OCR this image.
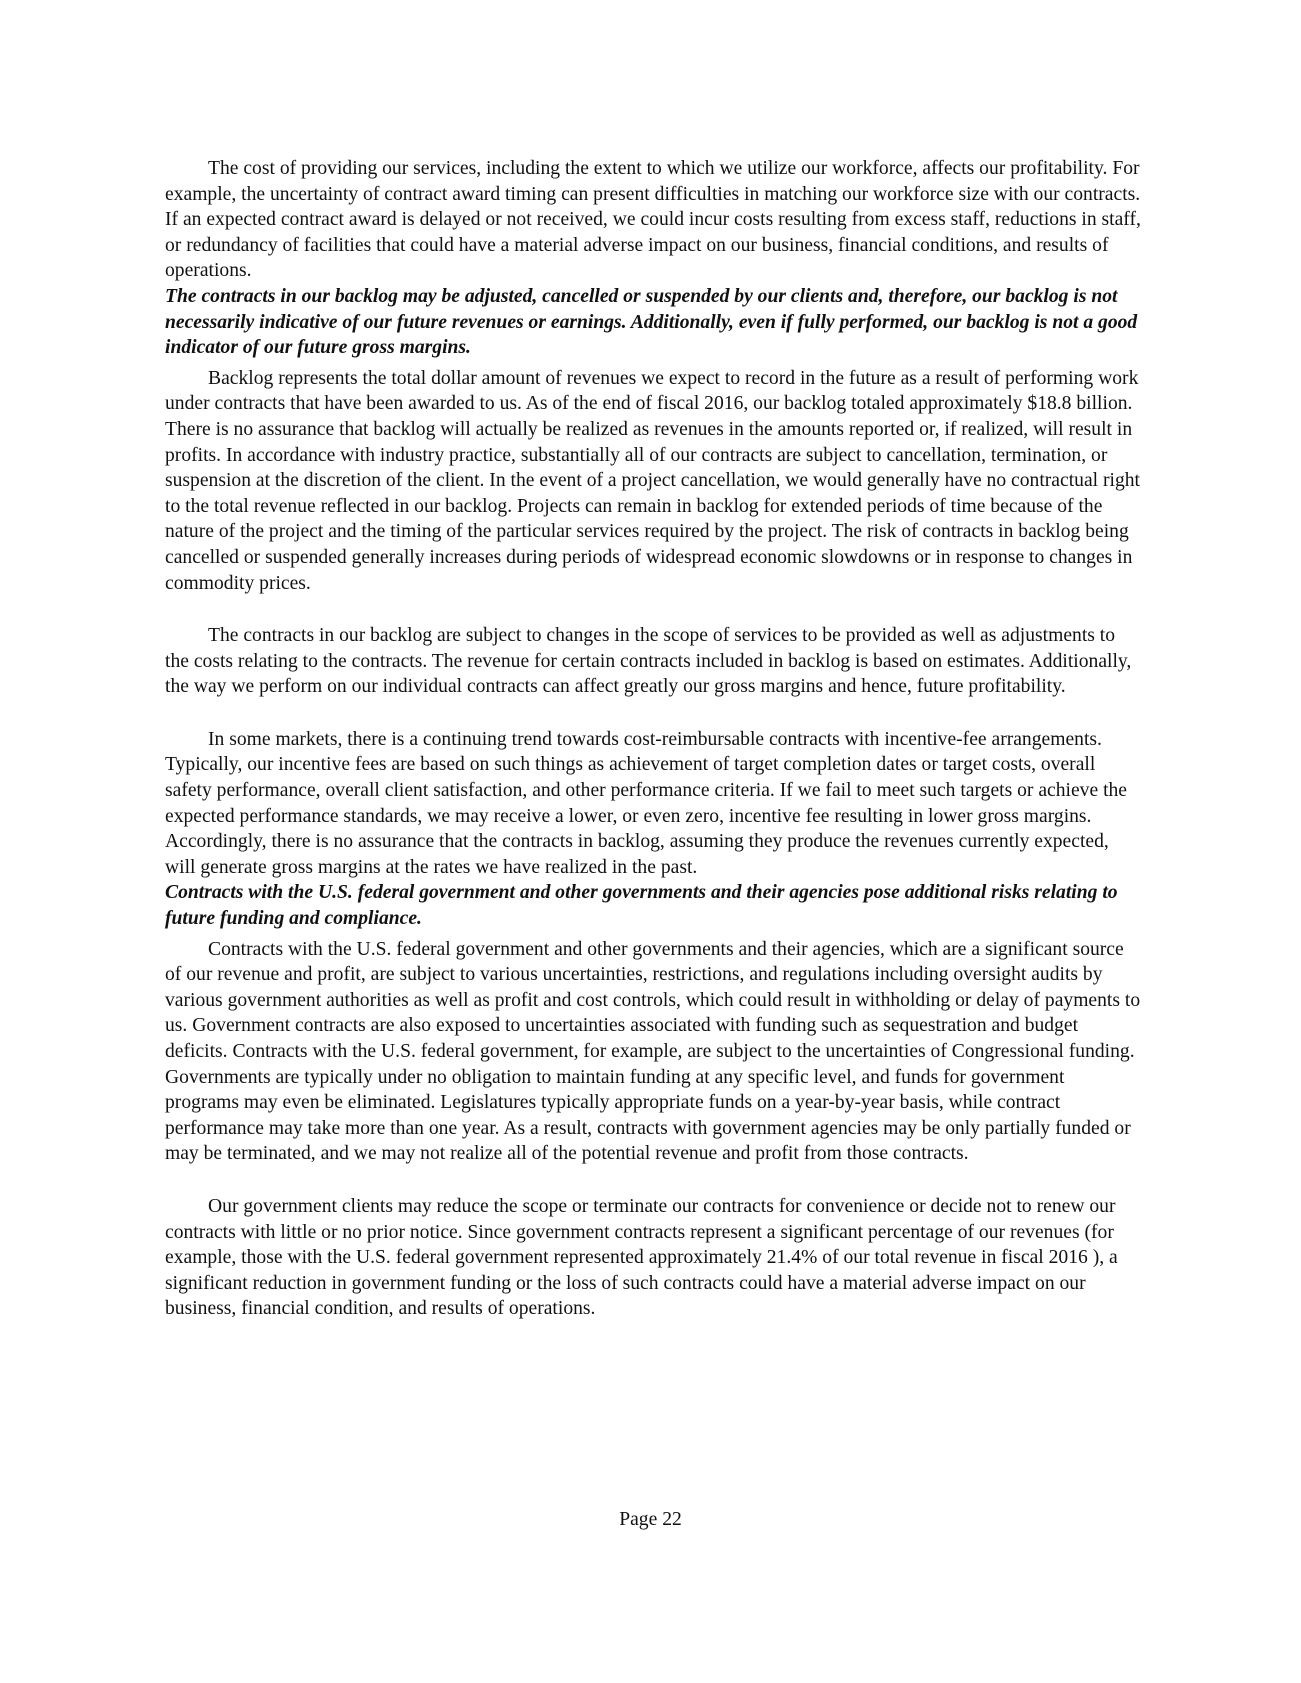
The cost of providing our services, including the extent to which we utilize our workforce, affects our profitability. For example, the uncertainty of contract award timing can present difficulties in matching our workforce size with our contracts. If an expected contract award is delayed or not received, we could incur costs resulting from excess staff, reductions in staff, or redundancy of facilities that could have a material adverse impact on our business, financial conditions, and results of operations.

The contracts in our backlog may be adjusted, cancelled or suspended by our clients and, therefore, our backlog is not necessarily indicative of our future revenues or earnings. Additionally, even if fully performed, our backlog is not a good indicator of our future gross margins.

Backlog represents the total dollar amount of revenues we expect to record in the future as a result of performing work under contracts that have been awarded to us. As of the end of fiscal 2016, our backlog totaled approximately $18.8 billion. There is no assurance that backlog will actually be realized as revenues in the amounts reported or, if realized, will result in profits. In accordance with industry practice, substantially all of our contracts are subject to cancellation, termination, or suspension at the discretion of the client. In the event of a project cancellation, we would generally have no contractual right to the total revenue reflected in our backlog. Projects can remain in backlog for extended periods of time because of the nature of the project and the timing of the particular services required by the project. The risk of contracts in backlog being cancelled or suspended generally increases during periods of widespread economic slowdowns or in response to changes in commodity prices.

The contracts in our backlog are subject to changes in the scope of services to be provided as well as adjustments to the costs relating to the contracts. The revenue for certain contracts included in backlog is based on estimates. Additionally, the way we perform on our individual contracts can affect greatly our gross margins and hence, future profitability.

In some markets, there is a continuing trend towards cost-reimbursable contracts with incentive-fee arrangements. Typically, our incentive fees are based on such things as achievement of target completion dates or target costs, overall safety performance, overall client satisfaction, and other performance criteria. If we fail to meet such targets or achieve the expected performance standards, we may receive a lower, or even zero, incentive fee resulting in lower gross margins. Accordingly, there is no assurance that the contracts in backlog, assuming they produce the revenues currently expected, will generate gross margins at the rates we have realized in the past.

Contracts with the U.S. federal government and other governments and their agencies pose additional risks relating to future funding and compliance.

Contracts with the U.S. federal government and other governments and their agencies, which are a significant source of our revenue and profit, are subject to various uncertainties, restrictions, and regulations including oversight audits by various government authorities as well as profit and cost controls, which could result in withholding or delay of payments to us. Government contracts are also exposed to uncertainties associated with funding such as sequestration and budget deficits. Contracts with the U.S. federal government, for example, are subject to the uncertainties of Congressional funding. Governments are typically under no obligation to maintain funding at any specific level, and funds for government programs may even be eliminated. Legislatures typically appropriate funds on a year-by-year basis, while contract performance may take more than one year. As a result, contracts with government agencies may be only partially funded or may be terminated, and we may not realize all of the potential revenue and profit from those contracts.

Our government clients may reduce the scope or terminate our contracts for convenience or decide not to renew our contracts with little or no prior notice. Since government contracts represent a significant percentage of our revenues (for example, those with the U.S. federal government represented approximately 21.4% of our total revenue in fiscal 2016 ), a significant reduction in government funding or the loss of such contracts could have a material adverse impact on our business, financial condition, and results of operations.

Page 22
